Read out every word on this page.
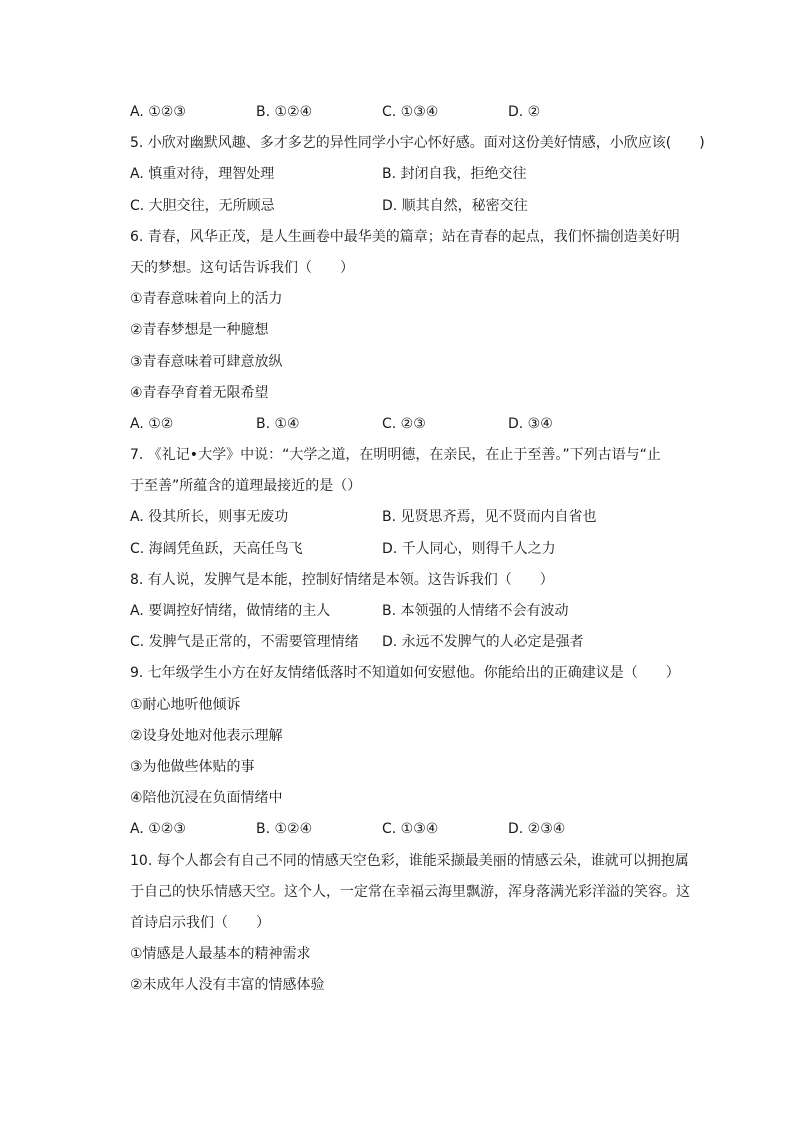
A. ①②③	B. ①②④	C. ①③④	D. ②
5. 小欣对幽默风趣、多才多艺的异性同学小宇心怀好感。面对这份美好情感，小欣应该(　　)
A. 慎重对待，理智处理	B. 封闭自我，拒绝交往
C. 大胆交往，无所顾忌	D. 顺其自然，秘密交往
6. 青春，风华正茂，是人生画卷中最华美的篇章；站在青春的起点，我们怀揣创造美好明
天的梦想。这句话告诉我们（　　）
①青春意味着向上的活力
②青春梦想是一种臆想
③青春意味着可肆意放纵
④青春孕育着无限希望
A. ①②	B. ①④	C. ②③	D. ③④
7. 《礼记•大学》中说：“大学之道，在明明德，在亲民，在止于至善。”下列古语与“止
于至善”所蕴含的道理最接近的是（）
A. 役其所长，则事无废功	B. 见贤思齐焉，见不贤而内自省也
C. 海阔凭鱼跃，天高任鸟飞	D. 千人同心，则得千人之力
8. 有人说，发脾气是本能，控制好情绪是本领。这告诉我们（　　）
A. 要调控好情绪，做情绪的主人	B. 本领强的人情绪不会有波动
C. 发脾气是正常的，不需要管理情绪 D. 永远不发脾气的人必定是强者
9. 七年级学生小方在好友情绪低落时不知道如何安慰他。你能给出的正确建议是（　　）
①耐心地听他倾诉
②设身处地对他表示理解
③为他做些体贴的事
④陪他沉浸在负面情绪中
A. ①②③	B. ①②④	C. ①③④	D. ②③④
10. 每个人都会有自己不同的情感天空色彩，谁能采撷最美丽的情感云朵，谁就可以拥抱属
于自己的快乐情感天空。这个人，一定常在幸福云海里飘游，浑身落满光彩洋溢的笑容。这
首诗启示我们（　　）
①情感是人最基本的精神需求
②未成年人没有丰富的情感体验
